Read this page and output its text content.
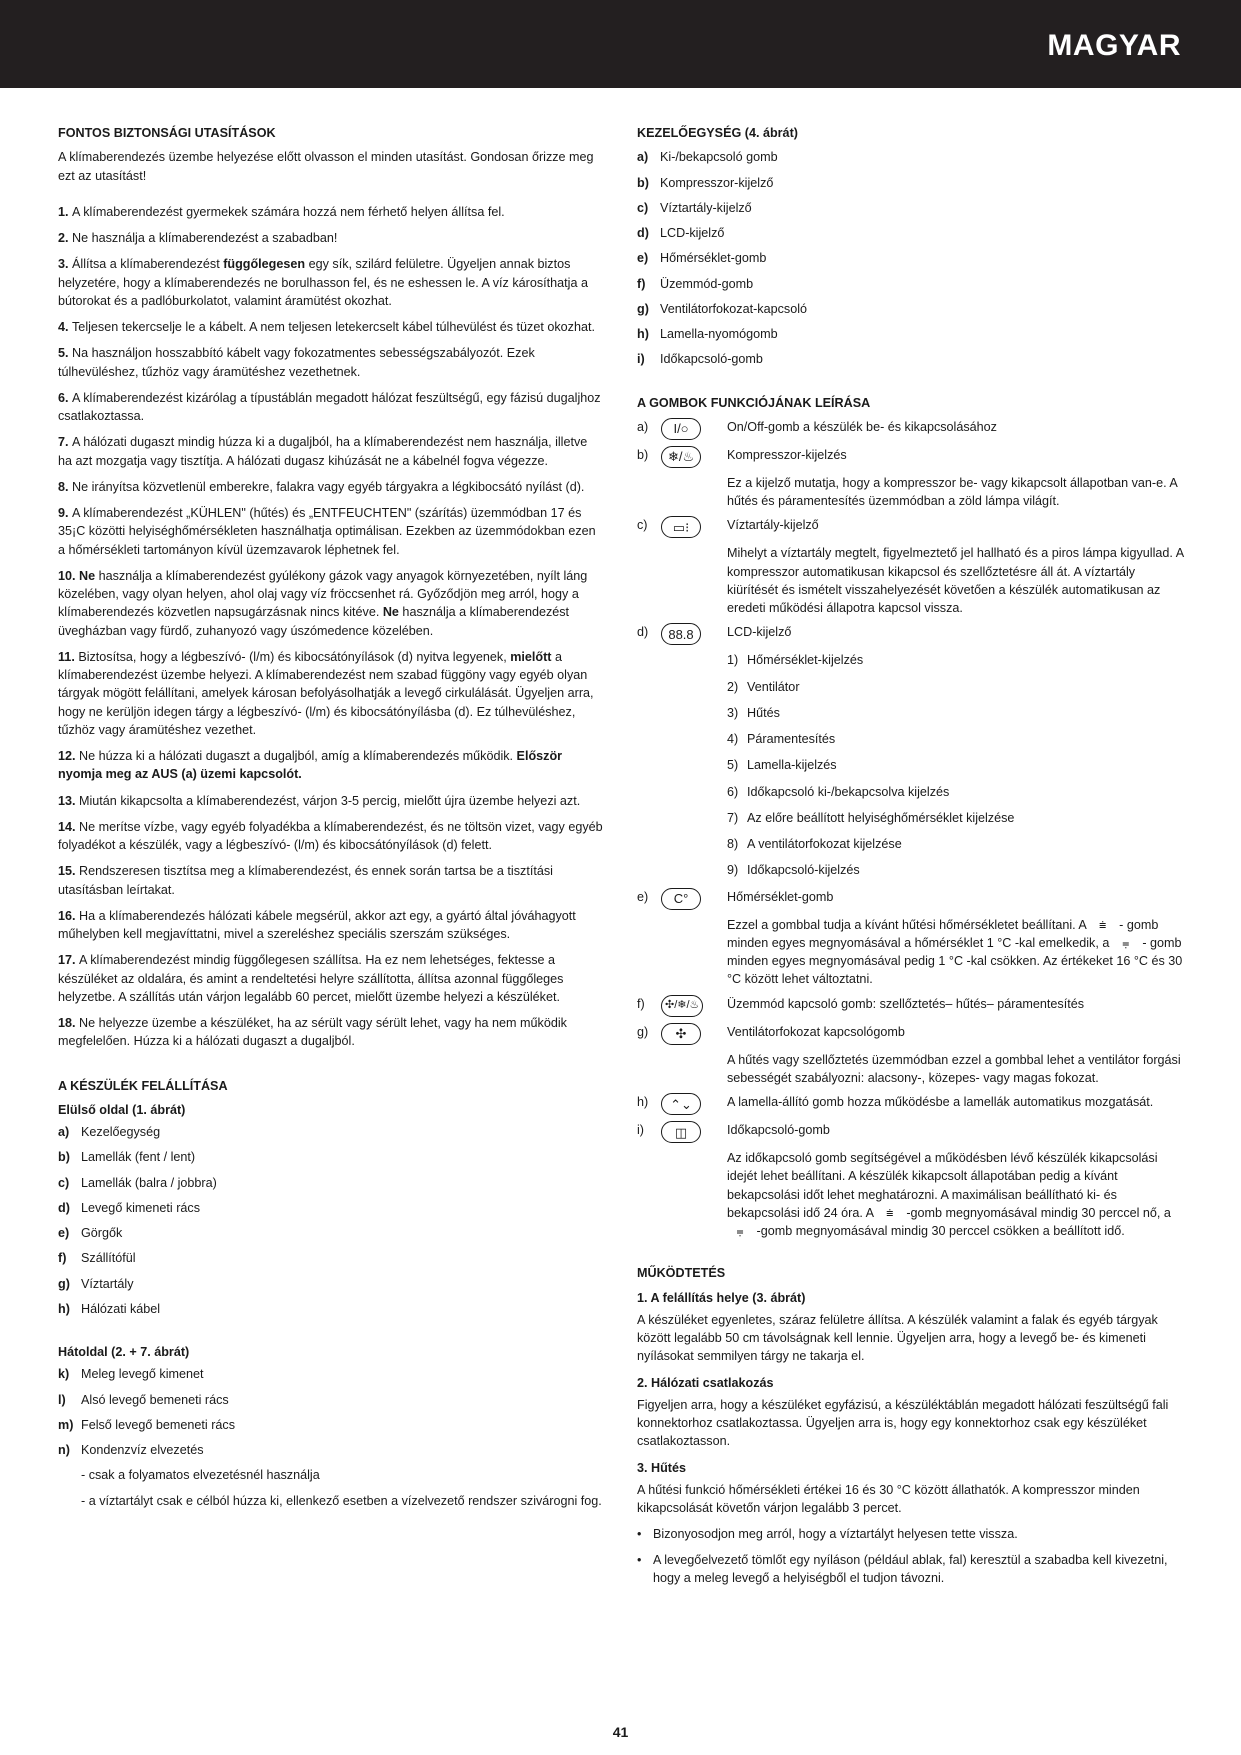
MAGYAR
FONTOS BIZTONSÁGI UTASÍTÁSOK

A klímaberendezés üzembe helyezése előtt olvasson el minden utasítást. Gondosan őrizze meg ezt az utasítást!

1. A klímaberendezést gyermekek számára hozzá nem férhető helyen állítsa fel.

2. Ne használja a klímaberendezést a szabadban!

3. Állítsa a klímaberendezést függőlegesen egy sík, szilárd felületre. Ügyeljen annak biztos helyzetére, hogy a klímaberendezés ne borulhasson fel, és ne eshessen le. A víz károsíthatja a bútorokat és a padlóburkolatot, valamint áramütést okozhat.

4. Teljesen tekercselje le a kábelt. A nem teljesen letekercselt kábel túlhevülést és tüzet okozhat.

5. Na használjon hosszabbító kábelt vagy fokozatmentes sebességszabályozót. Ezek túlhevüléshez, tűzhöz vagy áramütéshez vezethetnek.

6. A klímaberendezést kizárólag a típustáblán megadott hálózat feszültségű, egy fázisú dugaljhoz csatlakoztassa.

7. A hálózati dugaszt mindig húzza ki a dugaljból, ha a klímaberendezést nem használja, illetve ha azt mozgatja vagy tisztítja. A hálózati dugasz kihúzását ne a kábelnél fogva végezze.

8. Ne irányítsa közvetlenül emberekre, falakra vagy egyéb tárgyakra a légkibocsátó nyílást (d).

9. A klímaberendezést „KÜHLEN" (hűtés) és „ENTFEUCHTEN" (szárítás) üzemmódban 17 és 35¡C közötti helyiséghőmérsékleten használhatja optimálisan. Ezekben az üzemmódokban ezen a hőmérsékleti tartományon kívül üzemzavarok léphetnek fel.

10. Ne használja a klímaberendezést gyúlékony gázok vagy anyagok környezetében, nyílt láng közelében, vagy olyan helyen, ahol olaj vagy víz fröccsenhet rá. Győződjön meg arról, hogy a klímaberendezés közvetlen napsugárzásnak nincs kitéve. Ne használja a klímaberendezést üvegházban vagy fürdő, zuhanyozó vagy úszómedence közelében.

11. Biztosítsa, hogy a légbeszívó- (l/m) és kibocsátónyílások (d) nyitva legyenek, mielőtt a klímaberendezést üzembe helyezi. A klímaberendezést nem szabad függöny vagy egyéb olyan tárgyak mögött felállítani, amelyek károsan befolyásolhatják a levegő cirkulálását. Ügyeljen arra, hogy ne kerüljön idegen tárgy a légbeszívó- (l/m) és kibocsátónyílásba (d). Ez túlhevüléshez, tűzhöz vagy áramütéshez vezethet.

12. Ne húzza ki a hálózati dugaszt a dugaljból, amíg a klímaberendezés működik. Először nyomja meg az AUS (a) üzemi kapcsolót.

13. Miután kikapcsolta a klímaberendezést, várjon 3-5 percig, mielőtt újra üzembe helyezi azt.

14. Ne merítse vízbe, vagy egyéb folyadékba a klímaberendezést, és ne töltsön vizet, vagy egyéb folyadékot a készülék, vagy a légbeszívó- (l/m) és kibocsátónyílások (d) felett.

15. Rendszeresen tisztítsa meg a klímaberendezést, és ennek során tartsa be a tisztítási utasításban leírtakat.

16. Ha a klímaberendezés hálózati kábele megsérül, akkor azt egy, a gyártó által jóváhagyott műhelyben kell megjavíttatni, mivel a szereléshez speciális szerszám szükséges.

17. A klímaberendezést mindig függőlegesen szállítsa. Ha ez nem lehetséges, fektesse a készüléket az oldalára, és amint a rendeltetési helyre szállította, állítsa azonnal függőleges helyzetbe. A szállítás után várjon legalább 60 percet, mielőtt üzembe helyezi a készüléket.

18. Ne helyezze üzembe a készüléket, ha az sérült vagy sérült lehet, vagy ha nem működik megfelelően. Húzza ki a hálózati dugaszt a dugaljból.

A KÉSZÜLÉK FELÁLLÍTÁSA
Elülső oldal (1. ábrát)
a) Kezelőegység
b) Lamellák (fent / lent)
c) Lamellák (balra / jobbra)
d) Levegő kimeneti rács
e) Görgők
f)	Szállítófül
g) Víztartály
h) Hálózati kábel
Hátoldal (2. + 7. ábrát)
k) Meleg levegő kimenet
l)	Alsó levegő bemeneti rács
m) Felső levegő bemeneti rács
n) Kondenzvíz elvezetés
- csak a folyamatos elvezetésnél használja
- a víztartályt csak e célból húzza ki, ellenkező esetben a vízelvezető rendszer szivárogni fog.
KEZELŐEGYSÉG (4. ábrát)
a) Ki-/bekapcsoló gomb
b) Kompresszor-kijelző
c) Víztartály-kijelző
d) LCD-kijelző
e) Hőmérséklet-gomb
f)	Üzemmód-gomb
g) Ventilátorfokozat-kapcsoló
h) Lamella-nyomógomb
i)	Időkapcsoló-gomb
A GOMBOK FUNKCIÓJÁNAK LEÍRÁSA
a)	I/○	On/Off-gomb a készülék be- és kikapcsolásához
b)	❄/♨	Kompresszor-kijelzés
Ez a kijelző mutatja, hogy a kompresszor be- vagy kikapcsolt állapotban van-e. A hűtés és páramentesítés üzemmódban a zöld lámpa világít.
c)	▭⁝	Víztartály-kijelző
Mihelyt a víztartály megtelt, figyelmeztető jel hallható és a piros lámpa kigyullad. A kompresszor automatikusan kikapcsol és szellőztetésre áll át. A víztartály kiürítését és ismételt visszahelyezését követően a készülék automatikusan az eredeti működési állapotra kapcsol vissza.
d)	88.8	LCD-kijelző
1) Hőmérséklet-kijelzés
2) Ventilátor
3) Hűtés
4) Páramentesítés
5) Lamella-kijelzés
6) Időkapcsoló ki-/bekapcsolva kijelzés
7) Az előre beállított helyiséghőmérséklet kijelzése
8) A ventilátorfokozat kijelzése
9) Időkapcsoló-kijelzés
e)	C°	Hőmérséklet-gomb
Ezzel a gombbal tudja a kívánt hűtési hőmérsékletet beállítani. A ⩧ - gomb minden egyes megnyomásával a hőmérséklet 1 °C -kal emelkedik, a ⩦ - gomb minden egyes megnyomásával pedig 1 °C -kal csökken. Az értékeket 16 °C és 30 °C között lehet változtatni.
f)	✣/❄/♨	Üzemmód kapcsoló gomb: szellőztetés– hűtés– páramentesítés
g)	✣	Ventilátorfokozat kapcsológomb
A hűtés vagy szellőztetés üzemmódban ezzel a gombbal lehet a ventilátor forgási sebességét szabályozni: alacsony-, közepes- vagy magas fokozat.
h)	⌃⌄	A lamella-állító gomb hozza működésbe a lamellák automatikus mozgatását.
i)	◫	Időkapcsoló-gomb
Az időkapcsoló gomb segítségével a működésben lévő készülék kikapcsolási idejét lehet beállítani. A készülék kikapcsolt állapotában pedig a kívánt bekapcsolási időt lehet meghatározni. A maximálisan beállítható ki- és bekapcsolási idő 24 óra. A ⩧ -gomb megnyomásával mindig 30 perccel nő, a ⩦ -gomb megnyomásával mindig 30 perccel csökken a beállított idő.
MŰKÖDTETÉS
1. A felállítás helye (3. ábrát)

A készüléket egyenletes, száraz felületre állítsa. A készülék valamint a falak és egyéb tárgyak között legalább 50 cm távolságnak kell lennie. Ügyeljen arra, hogy a levegő be- és kimeneti nyílásokat semmilyen tárgy ne takarja el.

2. Hálózati csatlakozás

Figyeljen arra, hogy a készüléket egyfázisú, a készüléktáblán megadott hálózati feszültségű fali konnektorhoz csatlakoztassa. Ügyeljen arra is, hogy egy konnektorhoz csak egy készüléket csatlakoztasson.

3. Hűtés

A hűtési funkció hőmérsékleti értékei 16 és 30 °C között állathatók. A kompresszor minden kikapcsolását követőn várjon legalább 3 percet.

• Bizonyosodjon meg arról, hogy a víztartályt helyesen tette vissza.
• A levegőelvezető tömlőt egy nyíláson (például ablak, fal) keresztül a szabadba kell kivezetni, hogy a meleg levegő a helyiségből el tudjon távozni.
41
